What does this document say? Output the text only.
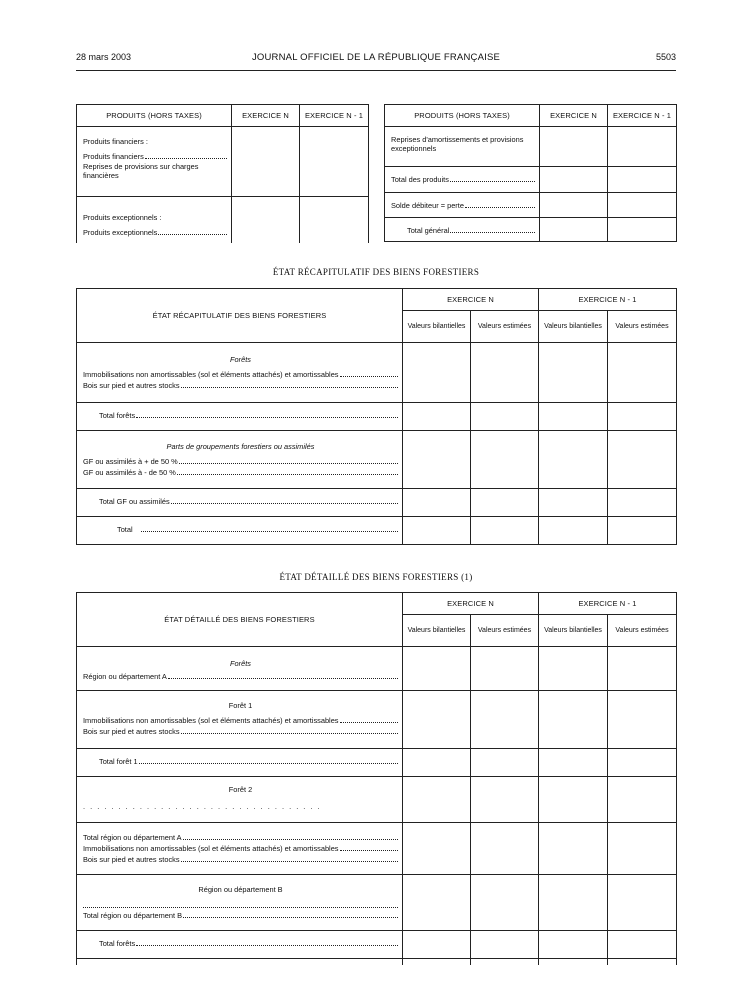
28 mars 2003	JOURNAL OFFICIEL DE LA RÉPUBLIQUE FRANÇAISE	5503
PRODUITS (HORS TAXES)	EXERCICE N	EXERCICE N - 1

Produits financiers :
Produits financiers
Reprises de provisions sur charges financières		

Produits exceptionnels :
Produits exceptionnels		

PRODUITS (HORS TAXES)	EXERCICE N	EXERCICE N - 1

Reprises d'amortissements et provisions exceptionnels		

Total des produits		

Solde débiteur = perte		

Total général		

ÉTAT RÉCAPITULATIF DES BIENS FORESTIERS
ÉTAT RÉCAPITULATIF DES BIENS FORESTIERS	EXERCICE N		EXERCICE N - 1	
	Valeurs bilantielles	Valeurs estimées	Valeurs bilantielles	Valeurs estimées

Forêts
Immobilisations non amortissables (sol et éléments attachés) et amortissables
Bois sur pied et autres stocks				

Total forêts				

Parts de groupements forestiers ou assimilés
GF ou assimilés à + de 50 %
GF ou assimilés à - de 50 %				

Total GF ou assimilés				

Total				

ÉTAT DÉTAILLÉ DES BIENS FORESTIERS (1)
ÉTAT DÉTAILLÉ DES BIENS FORESTIERS	EXERCICE N		EXERCICE N - 1	
	Valeurs bilantielles	Valeurs estimées	Valeurs bilantielles	Valeurs estimées

Forêts
Région ou département A				

Forêt 1
Immobilisations non amortissables (sol et éléments attachés) et amortissables
Bois sur pied et autres stocks				

Total forêt 1				

Forêt 2
. . . . . . . . . . . . . . . . . . . . . . . . . . . . . . . . . .				

Total région ou département A
Immobilisations non amortissables (sol et éléments attachés) et amortissables
Bois sur pied et autres stocks				

Région ou département B
Total région ou département B				

Total forêts				
